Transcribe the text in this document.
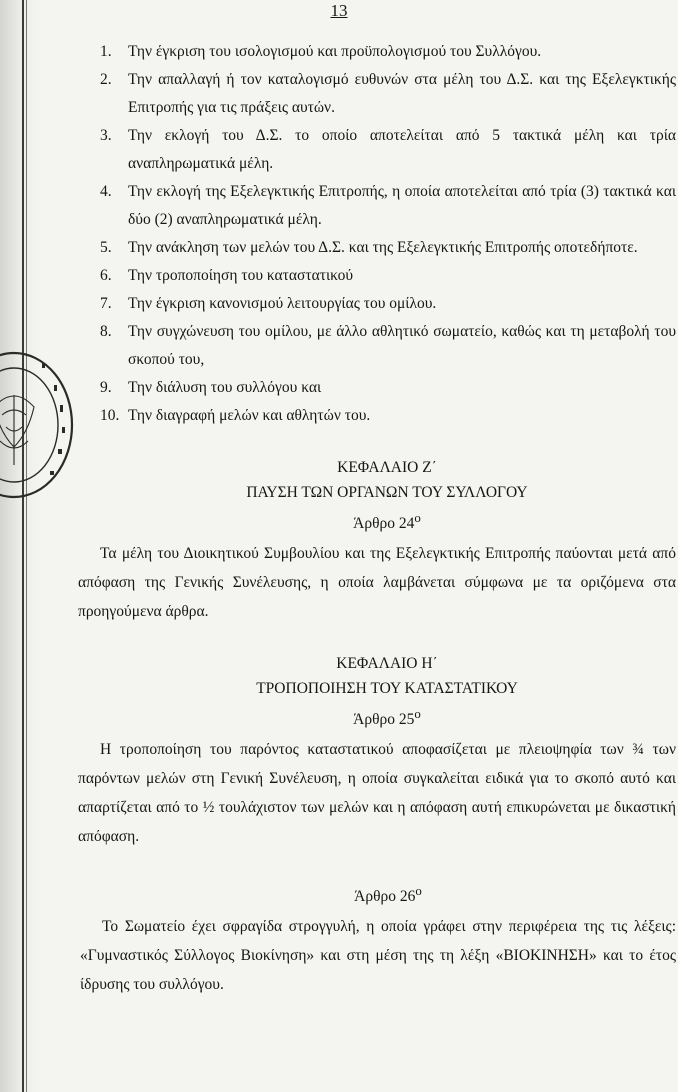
13
1. Την έγκριση του ισολογισμού και προϋπολογισμού του Συλλόγου.
2. Την απαλλαγή ή τον καταλογισμό ευθυνών στα μέλη του Δ.Σ. και της Εξελεγκτικής Επιτροπής για τις πράξεις αυτών.
3. Την εκλογή του Δ.Σ. το οποίο αποτελείται από 5 τακτικά μέλη και τρία αναπληρωματικά μέλη.
4. Την εκλογή της Εξελεγκτικής Επιτροπής, η οποία αποτελείται από τρία (3) τακτικά και δύο (2) αναπληρωματικά μέλη.
5. Την ανάκληση των μελών του Δ.Σ. και της Εξελεγκτικής Επιτροπής οποτεδήποτε.
6. Την τροποποίηση του καταστατικού
7. Την έγκριση κανονισμού λειτουργίας του ομίλου.
8. Την συγχώνευση του ομίλου, με άλλο αθλητικό σωματείο, καθώς και τη μεταβολή του σκοπού του,
9. Την διάλυση του συλλόγου και
10. Την διαγραφή μελών και αθλητών του.
ΚΕΦΑΛΑΙΟ Ζ΄
ΠΑΥΣΗ ΤΩΝ ΟΡΓΑΝΩΝ ΤΟΥ ΣΥΛΛΟΓΟΥ
Άρθρο $24^o$

Τα μέλη του Διοικητικού Συμβουλίου και της Εξελεγκτικής Επιτροπής παύονται μετά από απόφαση της Γενικής Συνέλευσης, η οποία λαμβάνεται σύμφωνα με τα οριζόμενα στα προηγούμενα άρθρα.

ΚΕΦΑΛΑΙΟ Η΄
ΤΡΟΠΟΠΟΙΗΣΗ ΤΟΥ ΚΑΤΑΣΤΑΤΙΚΟΥ
Άρθρο $25^o$

Η τροποποίηση του παρόντος καταστατικού αποφασίζεται με πλειοψηφία των ¾ των παρόντων μελών στη Γενική Συνέλευση, η οποία συγκαλείται ειδικά για το σκοπό αυτό και απαρτίζεται από το ½ τουλάχιστον των μελών και η απόφαση αυτή επικυρώνεται με δικαστική απόφαση.

Άρθρο $26^o$

Το Σωματείο έχει σφραγίδα στρογγυλή, η οποία γράφει στην περιφέρεια της τις λέξεις: «Γυμναστικός Σύλλογος Βιοκίνηση» και στη μέση της τη λέξη «ΒΙΟΚΙΝΗΣΗ» και το έτος ίδρυσης του συλλόγου.
